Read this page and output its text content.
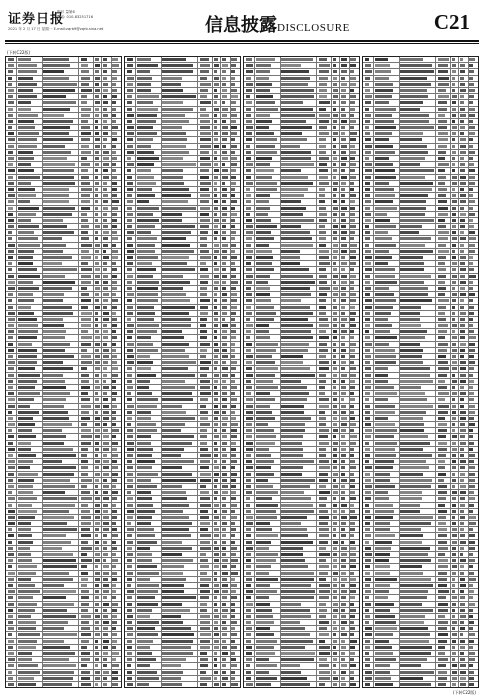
证券日报
版号 量第6
电话: 010-83251716
2021 年 2 月 17 日 星期一 E-mail:zqrb9@zqrb.sina.net	信息披露DISCLOSURE	C21
(下转C22版)
(下转C22版)
